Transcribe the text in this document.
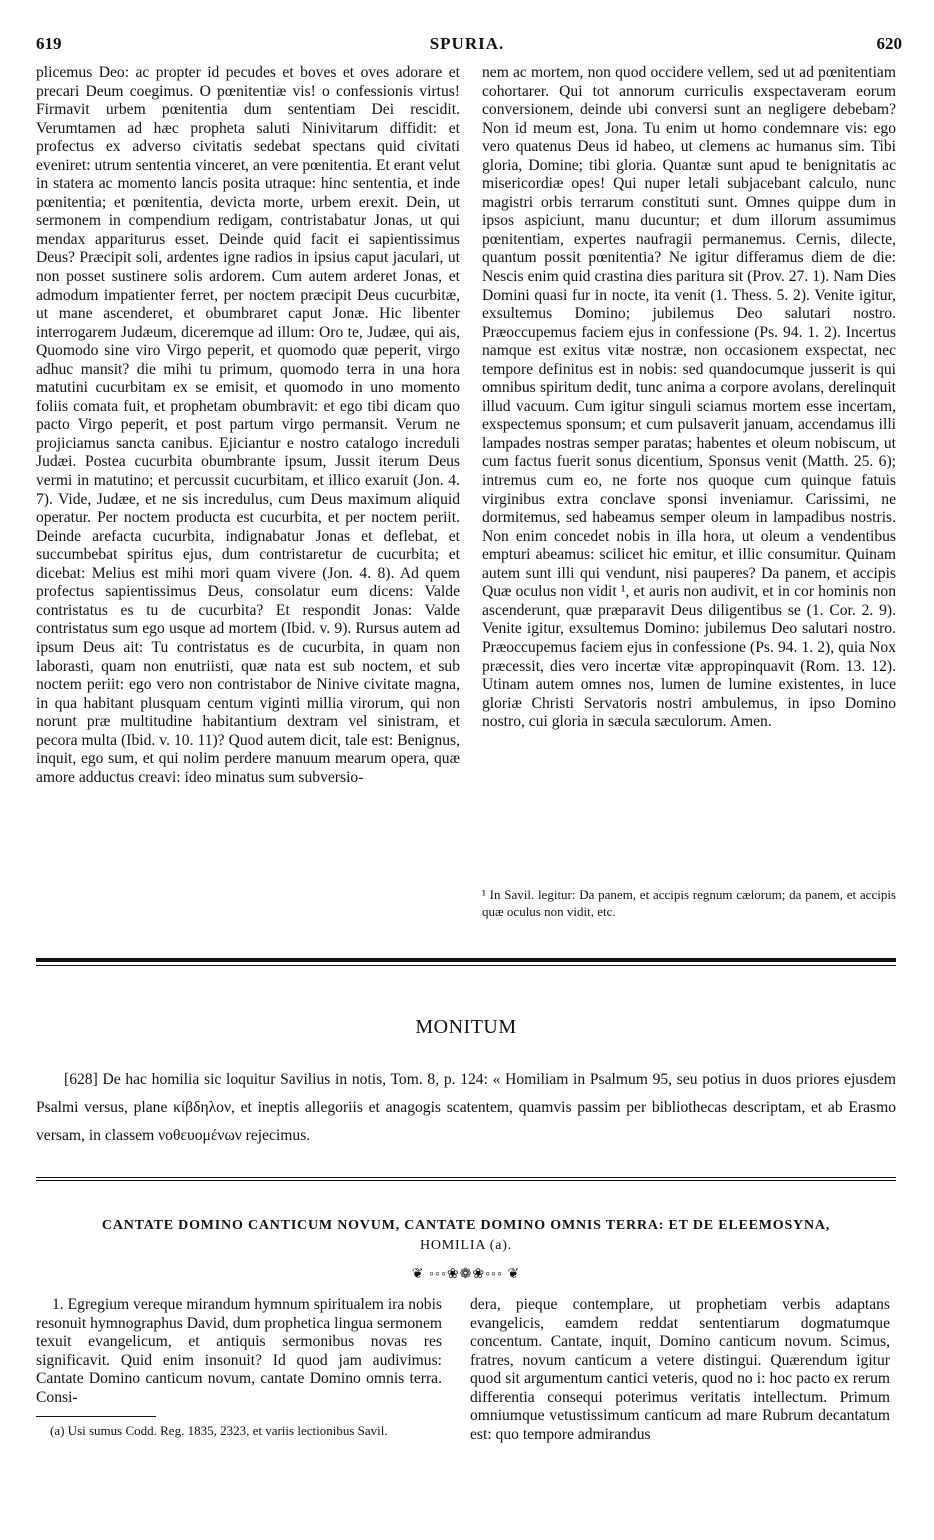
619	SPURIA.	620

plicemus Deo: ac propter id pecudes et boves et oves adorare et precari Deum coegimus. O pœnitentiæ vis! o confessionis virtus! Firmavit urbem pœnitentia dum sententiam Dei rescidit. Verumtamen ad hæc propheta saluti Ninivitarum diffidit: et profectus ex adverso civitatis sedebat spectans quid civitati eveniret: utrum sententia vinceret, an vere pœnitentia. Et erant velut in statera ac momento lancis posita utraque: hinc sententia, et inde pœnitentia; et pœnitentia, devicta morte, urbem erexit. Dein, ut sermonem in compendium redigam, contristabatur Jonas, ut qui mendax appariturus esset. Deinde quid facit ei sapientissimus Deus? Præcipit soli, ardentes igne radios in ipsius caput jaculari, ut non posset sustinere solis ardorem. Cum autem arderet Jonas, et admodum impatienter ferret, per noctem præcipit Deus cucurbitæ, ut mane ascenderet, et obumbraret caput Jonæ. Hic libenter interrogarem Judæum, diceremque ad illum: Oro te, Judæe, qui ais, Quomodo sine viro Virgo peperit, et quomodo quæ peperit, virgo adhuc mansit? die mihi tu primum, quomodo terra in una hora matutini cucurbitam ex se emisit, et quomodo in uno momento foliis comata fuit, et prophetam obumbravit: et ego tibi dicam quo pacto Virgo peperit, et post partum virgo permansit. Verum ne projiciamus sancta canibus. Ejiciantur e nostro catalogo increduli Judæi. Postea cucurbita obumbrante ipsum, Jussit iterum Deus vermi in matutino; et percussit cucurbitam, et illico exaruit (Jon. 4. 7). Vide, Judæe, et ne sis incredulus, cum Deus maximum aliquid operatur. Per noctem producta est cucurbita, et per noctem periit. Deinde arefacta cucurbita, indignabatur Jonas et deflebat, et succumbebat spiritus ejus, dum contristaretur de cucurbita; et dicebat: Melius est mihi mori quam vivere (Jon. 4. 8). Ad quem profectus sapientissimus Deus, consolatur eum dicens: Valde contristatus es tu de cucurbita? Et respondit Jonas: Valde contristatus sum ego usque ad mortem (Ibid. v. 9). Rursus autem ad ipsum Deus ait: Tu contristatus es de cucurbita, in quam non laborasti, quam non enutriisti, quæ nata est sub noctem, et sub noctem periit: ego vero non contristabor de Ninive civitate magna, in qua habitant plusquam centum viginti millia virorum, qui non norunt præ multitudine habitantium dextram vel sinistram, et pecora multa (Ibid. v. 10. 11)? Quod autem dicit, tale est: Benignus, inquit, ego sum, et qui nolim perdere manuum mearum opera, quæ amore adductus creavi: ideo minatus sum subversio-

nem ac mortem, non quod occidere vellem, sed ut ad pœnitentiam cohortarer. Qui tot annorum curriculis exspectaveram eorum conversionem, deinde ubi conversi sunt an negligere debebam? Non id meum est, Jona. Tu enim ut homo condemnare vis: ego vero quatenus Deus id habeo, ut clemens ac humanus sim. Tibi gloria, Domine; tibi gloria. Quantæ sunt apud te benignitatis ac misericordiæ opes! Qui nuper letali subjacebant calculo, nunc magistri orbis terrarum constituti sunt. Omnes quippe dum in ipsos aspiciunt, manu ducuntur; et dum illorum assumimus pœnitentiam, expertes naufragii permanemus. Cernis, dilecte, quantum possit pœnitentia? Ne igitur differamus diem de die: Nescis enim quid crastina dies paritura sit (Prov. 27. 1). Nam Dies Domini quasi fur in nocte, ita venit (1. Thess. 5. 2). Venite igitur, exsultemus Domino; jubilemus Deo salutari nostro. Præoccupemus faciem ejus in confessione (Ps. 94. 1. 2). Incertus namque est exitus vitæ nostræ, non occasionem exspectat, nec tempore definitus est in nobis: sed quandocumque jusserit is qui omnibus spiritum dedit, tunc anima a corpore avolans, derelinquit illud vacuum. Cum igitur singuli sciamus mortem esse incertam, exspectemus sponsum; et cum pulsaverit januam, accendamus illi lampades nostras semper paratas; habentes et oleum nobiscum, ut cum factus fuerit sonus dicentium, Sponsus venit (Matth. 25. 6); intremus cum eo, ne forte nos quoque cum quinque fatuis virginibus extra conclave sponsi inveniamur. Carissimi, ne dormitemus, sed habeamus semper oleum in lampadibus nostris. Non enim concedet nobis in illa hora, ut oleum a vendentibus empturi abeamus: scilicet hic emitur, et illic consumitur. Quinam autem sunt illi qui vendunt, nisi pauperes? Da panem, et accipis Quæ oculus non vidit ¹, et auris non audivit, et in cor hominis non ascenderunt, quæ præparavit Deus diligentibus se (1. Cor. 2. 9). Venite igitur, exsultemus Domino: jubilemus Deo salutari nostro. Præoccupemus faciem ejus in confessione (Ps. 94. 1. 2), quia Nox præcessit, dies vero incertæ vitæ appropinquavit (Rom. 13. 12). Utinam autem omnes nos, lumen de lumine existentes, in luce gloriæ Christi Servatoris nostri ambulemus, in ipso Domino nostro, cui gloria in sæcula sæculorum. Amen.

¹ In Savil. legitur: Da panem, et accipis regnum cælorum; da panem, et accipis quæ oculus non vidit, etc.
MONITUM
[628] De hac homilia sic loquitur Savilius in notis, Tom. 8, p. 124: « Homiliam in Psalmum 95, seu potius in duos priores ejusdem Psalmi versus, plane κίβδηλον, et ineptis allegoriis et anagogis scatentem, quamvis passim per bibliothecas descriptam, et ab Erasmo versam, in classem νοθευομένων rejecimus.
CANTATE DOMINO CANTICUM NOVUM, CANTATE DOMINO OMNIS TERRA: ET DE ELEEMOSYNA,
HOMILIA (a).
❦ ◦◦◦❀❁❀◦◦◦ ❦
1. Egregium vereque mirandum hymnum spiritualem ira nobis resonuit hymnographus David, dum prophetica lingua sermonem texuit evangelicum, et antiquis sermonibus novas res significavit. Quid enim insonuit? Id quod jam audivimus: Cantate Domino canticum novum, cantate Domino omnis terra. Consi-
(a) Usi sumus Codd. Reg. 1835, 2323, et variis lectionibus Savil.
dera, pieque contemplare, ut prophetiam verbis adaptans evangelicis, eamdem reddat sententiarum dogmatumque concentum. Cantate, inquit, Domino canticum novum. Scimus, fratres, novum canticum a vetere distingui. Quærendum igitur quod sit argumentum cantici veteris, quod no i: hoc pacto ex rerum differentia consequi poterimus veritatis intellectum. Primum omniumque vetustissimum canticum ad mare Rubrum decantatum est: quo tempore admirandus
